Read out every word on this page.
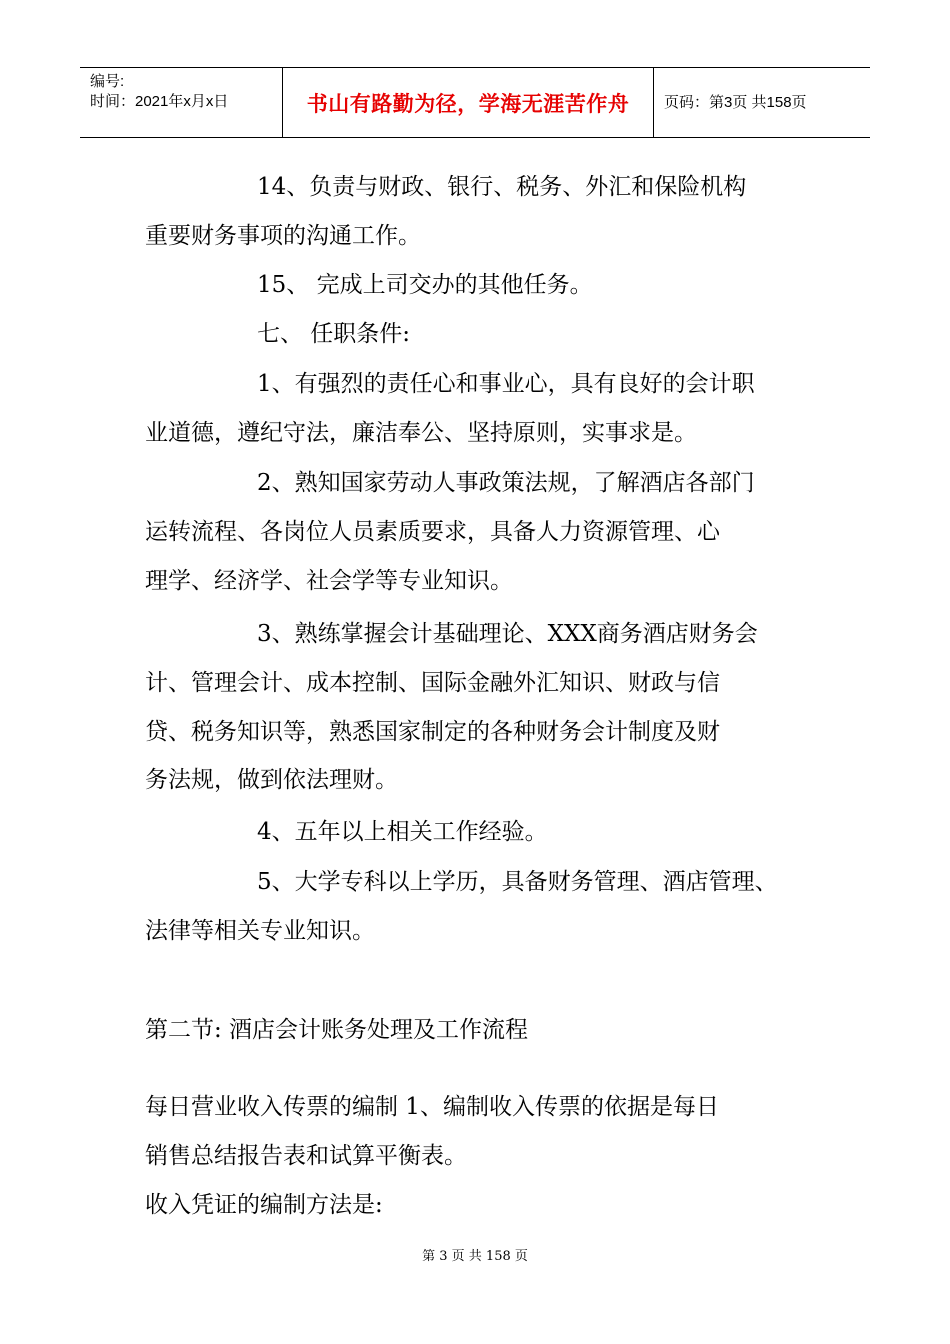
编号:
时间：2021年x月x日	书山有路勤为径，学海无涯苦作舟 页码：第3页 共158页
14、负责与财政、银行、税务、外汇和保险机构
重要财务事项的沟通工作。
15、 完成上司交办的其他任务。
七、 任职条件:
1、有强烈的责任心和事业心，具有良好的会计职
业道德，遵纪守法，廉洁奉公、坚持原则，实事求是。
2、熟知国家劳动人事政策法规，了解酒店各部门
运转流程、各岗位人员素质要求，具备人力资源管理、心
理学、经济学、社会学等专业知识。
3、熟练掌握会计基础理论、XXX商务酒店财务会
计、管理会计、成本控制、国际金融外汇知识、财政与信
贷、税务知识等，熟悉国家制定的各种财务会计制度及财
务法规，做到依法理财。
4、五年以上相关工作经验。
5、大学专科以上学历，具备财务管理、酒店管理、
法律等相关专业知识。
第二节: 酒店会计账务处理及工作流程
每日营业收入传票的编制 1、编制收入传票的依据是每日
销售总结报告表和试算平衡表。
收入凭证的编制方法是:
第 3 页 共 158 页
